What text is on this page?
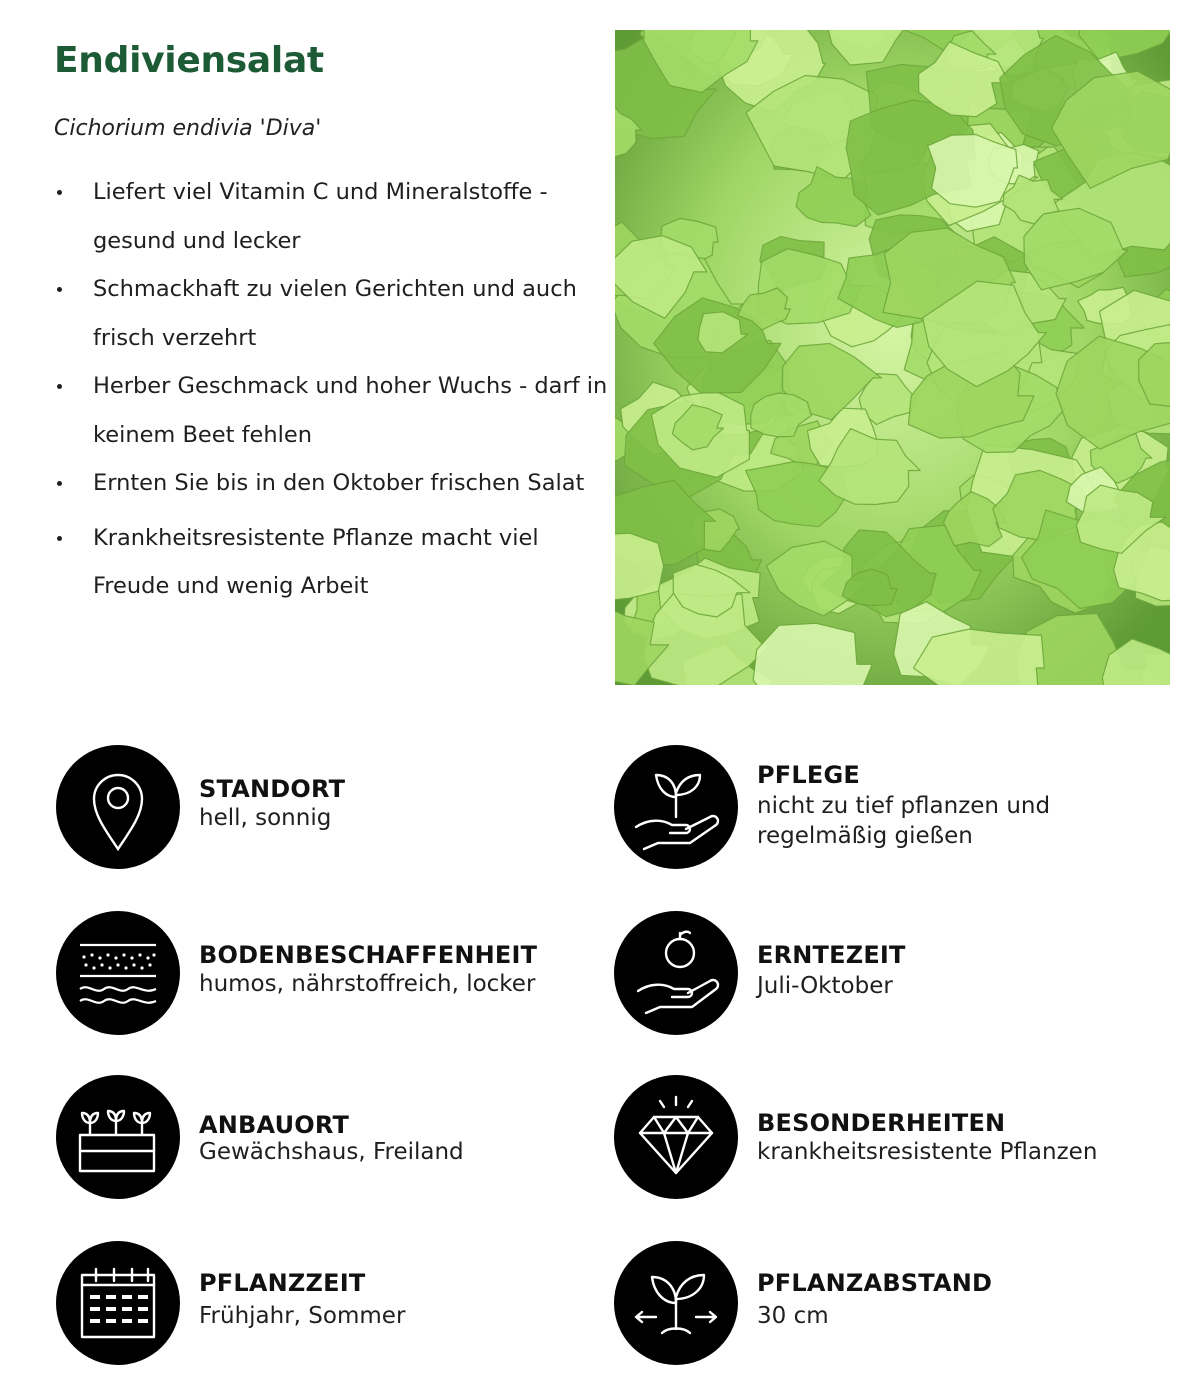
Endiviensalat

Cichorium endivia 'Diva'

Liefert viel Vitamin C und Mineralstoffe - gesund und lecker
Schmackhaft zu vielen Gerichten und auch frisch verzehrt
Herber Geschmack und hoher Wuchs - darf in keinem Beet fehlen
Ernten Sie bis in den Oktober frischen Salat
Krankheitsresistente Pflanze macht viel Freude und wenig Arbeit
STANDORT
hell, sonnig
PFLEGE
nicht zu tief pflanzen und regelmäßig gießen
BODENBESCHAFFENHEIT
humos, nährstoffreich, locker
ERNTEZEIT
Juli-Oktober
ANBAUORT
Gewächshaus, Freiland
BESONDERHEITEN
krankheitsresistente Pflanzen
PFLANZZEIT
Frühjahr, Sommer
PFLANZABSTAND
30 cm
